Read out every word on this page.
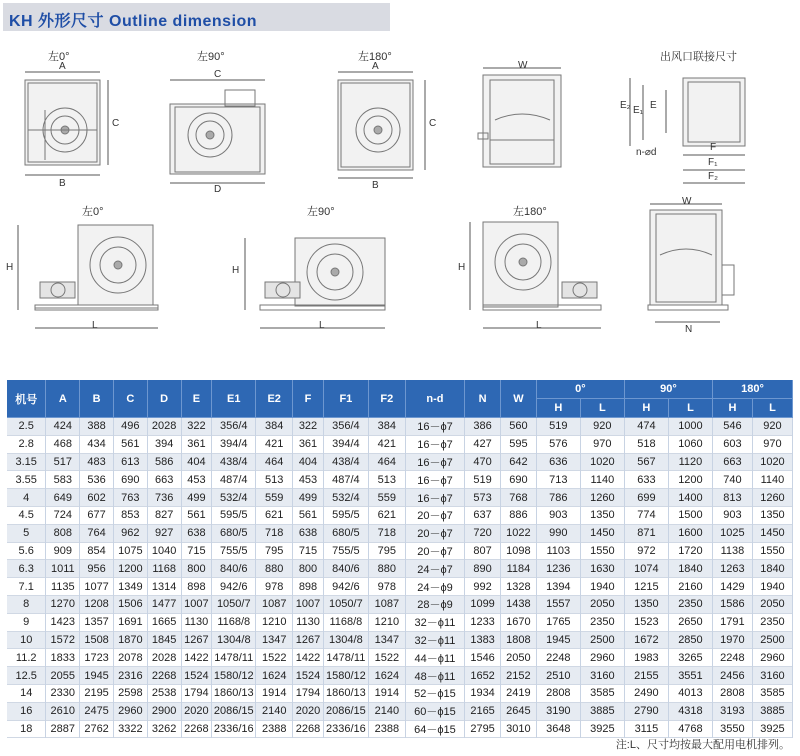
KH 外形尺寸 Outline dimension
左0°	左90°	左180°	出风口联接尺寸
左0°	左90°	左180°
A
B
C
C
D
A
B
C
W
E₂ E₁ E
n-⌀d	F
F₁
F₂
H
L
H
L
H
L
W
N
机号	A	B	C	D	E	E1	E2	F	F1	F2	n-d	N	W	0°		90°		180°	
														H	L	H	L	H	L
2.5	424	388	496	2028	322	356/4	384	322	356/4	384	16－ϕ7	386	560	519	920	474	1000	546	920
2.8	468	434	561	394	361	394/4	421	361	394/4	421	16－ϕ7	427	595	576	970	518	1060	603	970
3.15	517	483	613	586	404	438/4	464	404	438/4	464	16－ϕ7	470	642	636	1020	567	1120	663	1020
3.55	583	536	690	663	453	487/4	513	453	487/4	513	16－ϕ7	519	690	713	1140	633	1200	740	1140
4	649	602	763	736	499	532/4	559	499	532/4	559	16－ϕ7	573	768	786	1260	699	1400	813	1260
4.5	724	677	853	827	561	595/5	621	561	595/5	621	20－ϕ7	637	886	903	1350	774	1500	903	1350
5	808	764	962	927	638	680/5	718	638	680/5	718	20－ϕ7	720	1022	990	1450	871	1600	1025	1450
5.6	909	854	1075	1040	715	755/5	795	715	755/5	795	20－ϕ7	807	1098	1103	1550	972	1720	1138	1550
6.3	1011	956	1200	1168	800	840/6	880	800	840/6	880	24－ϕ7	890	1184	1236	1630	1074	1840	1263	1840
7.1	1135	1077	1349	1314	898	942/6	978	898	942/6	978	24－ϕ9	992	1328	1394	1940	1215	2160	1429	1940
8	1270	1208	1506	1477	1007	1050/7	1087	1007	1050/7	1087	28－ϕ9	1099	1438	1557	2050	1350	2350	1586	2050
9	1423	1357	1691	1665	1130	1168/8	1210	1130	1168/8	1210	32－ϕ11	1233	1670	1765	2350	1523	2650	1791	2350
10	1572	1508	1870	1845	1267	1304/8	1347	1267	1304/8	1347	32－ϕ11	1383	1808	1945	2500	1672	2850	1970	2500
11.2	1833	1723	2078	2028	1422	1478/11	1522	1422	1478/11	1522	44－ϕ11	1546	2050	2248	2960	1983	3265	2248	2960
12.5	2055	1945	2316	2268	1524	1580/12	1624	1524	1580/12	1624	48－ϕ11	1652	2152	2510	3160	2155	3551	2456	3160
14	2330	2195	2598	2538	1794	1860/13	1914	1794	1860/13	1914	52－ϕ15	1934	2419	2808	3585	2490	4013	2808	3585
16	2610	2475	2960	2900	2020	2086/15	2140	2020	2086/15	2140	60－ϕ15	2165	2645	3190	3885	2790	4318	3193	3885
18	2887	2762	3322	3262	2268	2336/16	2388	2268	2336/16	2388	64－ϕ15	2795	3010	3648	3925	3115	4768	3550	3925
注:L、尺寸均按最大配用电机排列。
